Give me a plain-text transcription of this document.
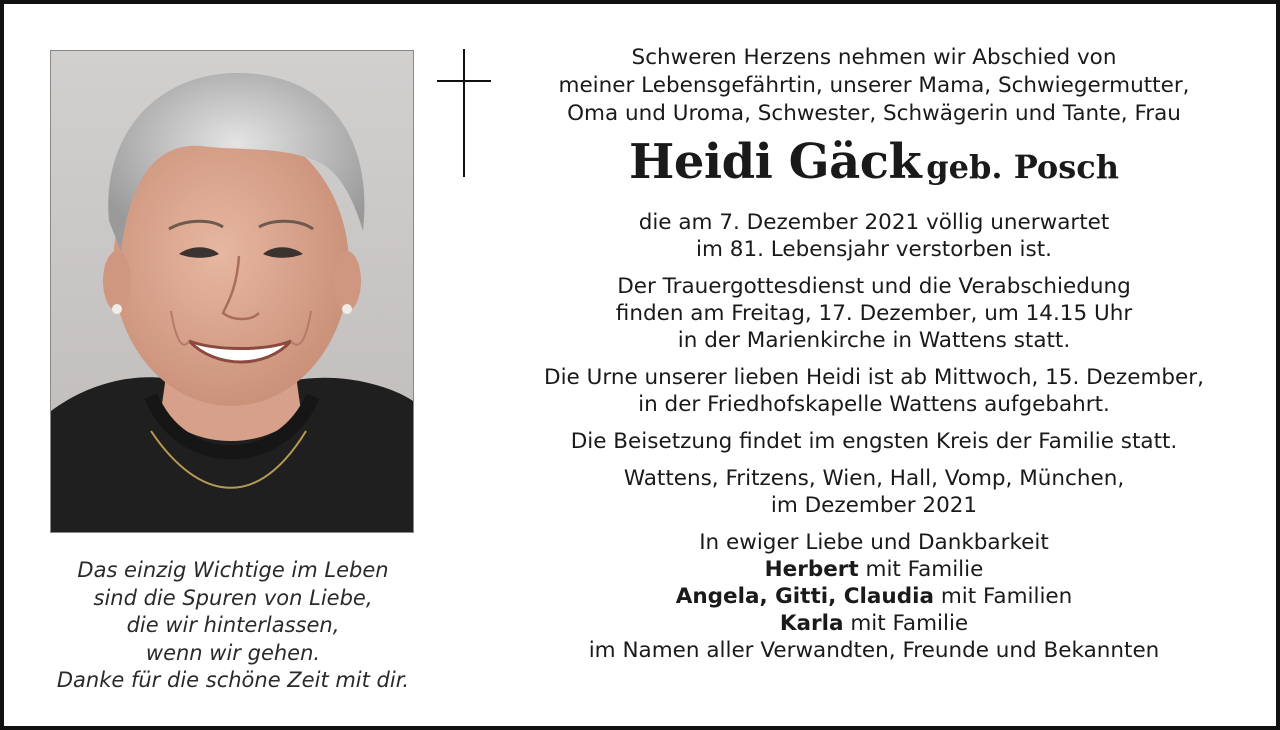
Das einzig Wichtige im Leben
sind die Spuren von Liebe,
die wir hinterlassen,
wenn wir gehen.
Danke für die schöne Zeit mit dir.
Schweren Herzens nehmen wir Abschied von
meiner Lebensgefährtin, unserer Mama, Schwiegermutter,
Oma und Uroma, Schwester, Schwägerin und Tante, Frau
Heidi Gäck geb. Posch
die am 7. Dezember 2021 völlig unerwartet
im 81. Lebensjahr verstorben ist.
Der Trauergottesdienst und die Verabschiedung
finden am Freitag, 17. Dezember, um 14.15 Uhr
in der Marienkirche in Wattens statt.
Die Urne unserer lieben Heidi ist ab Mittwoch, 15. Dezember,
in der Friedhofskapelle Wattens aufgebahrt.
Die Beisetzung findet im engsten Kreis der Familie statt.
Wattens, Fritzens, Wien, Hall, Vomp, München,
im Dezember 2021
In ewiger Liebe und Dankbarkeit
Herbert mit Familie
Angela, Gitti, Claudia mit Familien
Karla mit Familie
im Namen aller Verwandten, Freunde und Bekannten
